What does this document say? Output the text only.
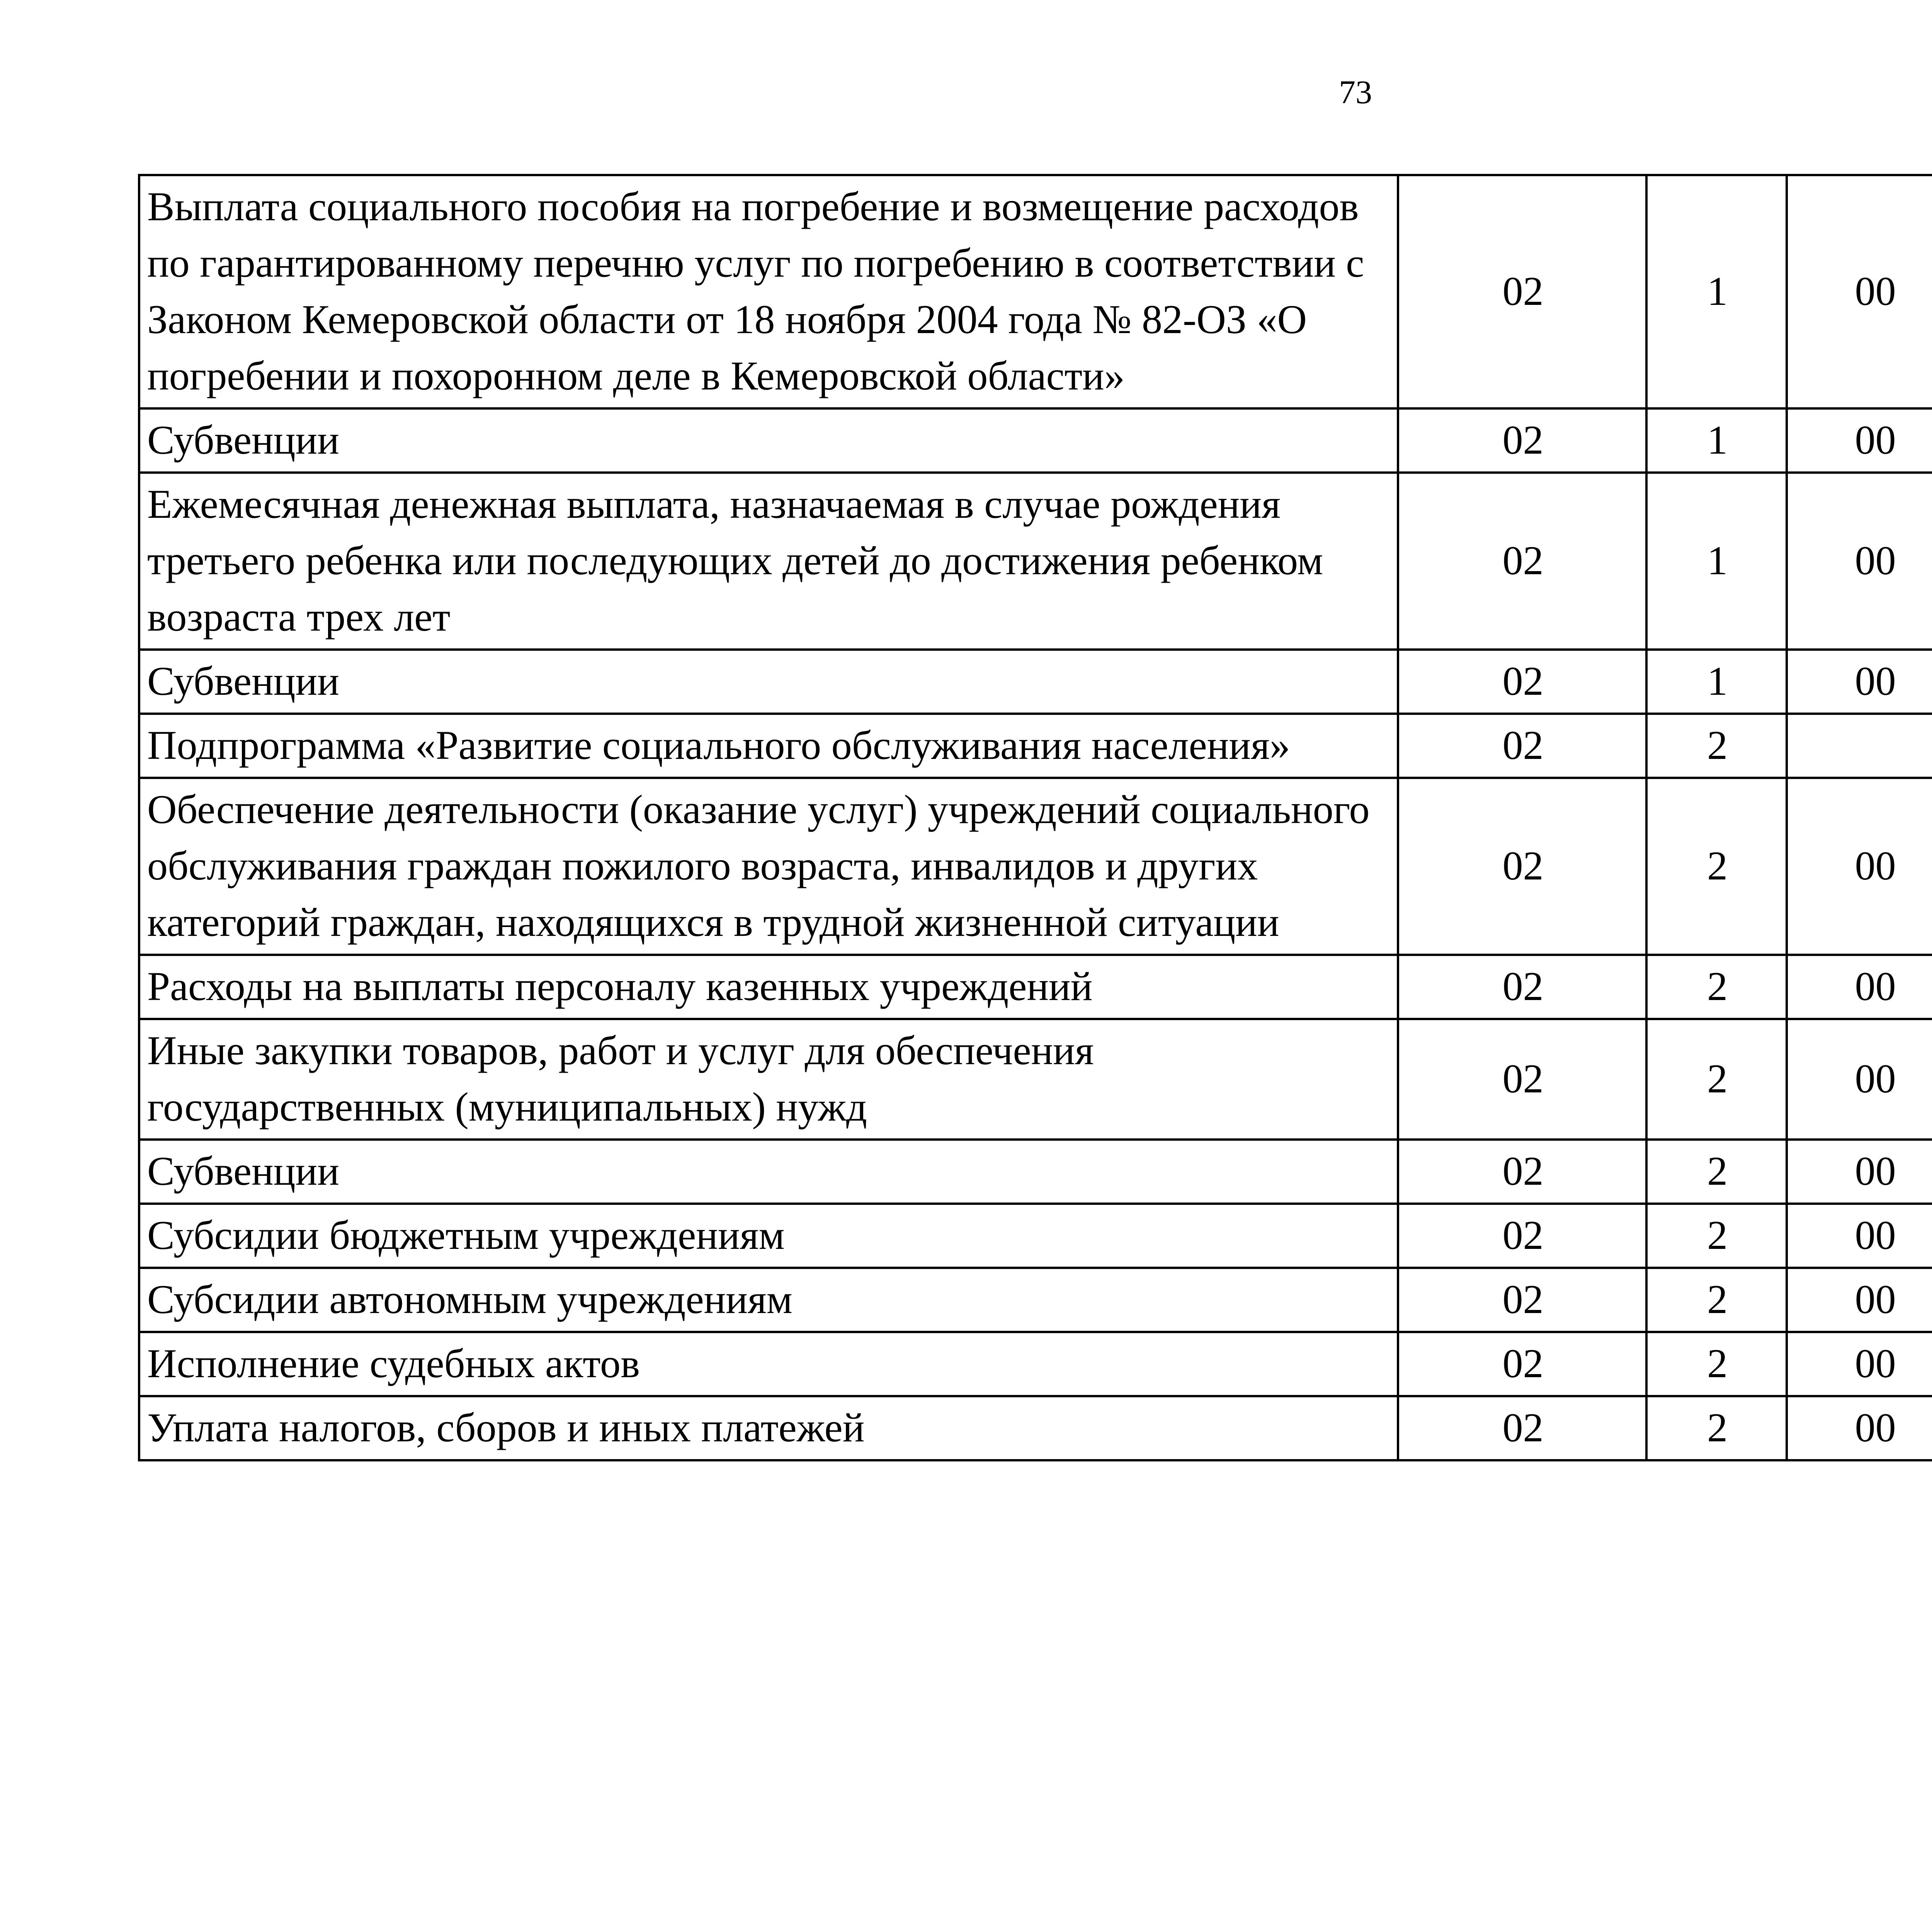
73
Выплата социального пособия на погребение и возмещение расходов по гарантированному перечню услуг по погребению в соответствии с Законом Кемеровской области от 18 ноября 2004 года № 82-ОЗ «О погребении и похоронном деле в Кемеровской области»	02	1	00			
Субвенции	02	1	00			
Ежемесячная денежная выплата, назначаемая в случае рождения третьего ребенка или последующих детей до достижения ребенком возраста трех лет	02	1	00			
Субвенции	02	1	00			
Подпрограмма «Развитие социального обслуживания населения»	02	2				
Обеспечение деятельности (оказание услуг) учреждений социального обслуживания граждан пожилого возраста, инвалидов и других категорий граждан, находящихся в трудной жизненной ситуации	02	2	00			
Расходы на выплаты персоналу казенных учреждений	02	2	00			
Иные закупки товаров, работ и услуг для обеспечения государственных (муниципальных) нужд	02	2	00			
Субвенции	02	2	00			
Субсидии бюджетным учреждениям	02	2	00			
Субсидии автономным учреждениям	02	2	00			
Исполнение судебных актов	02	2	00			
Уплата налогов, сборов и иных платежей	02	2	00			
